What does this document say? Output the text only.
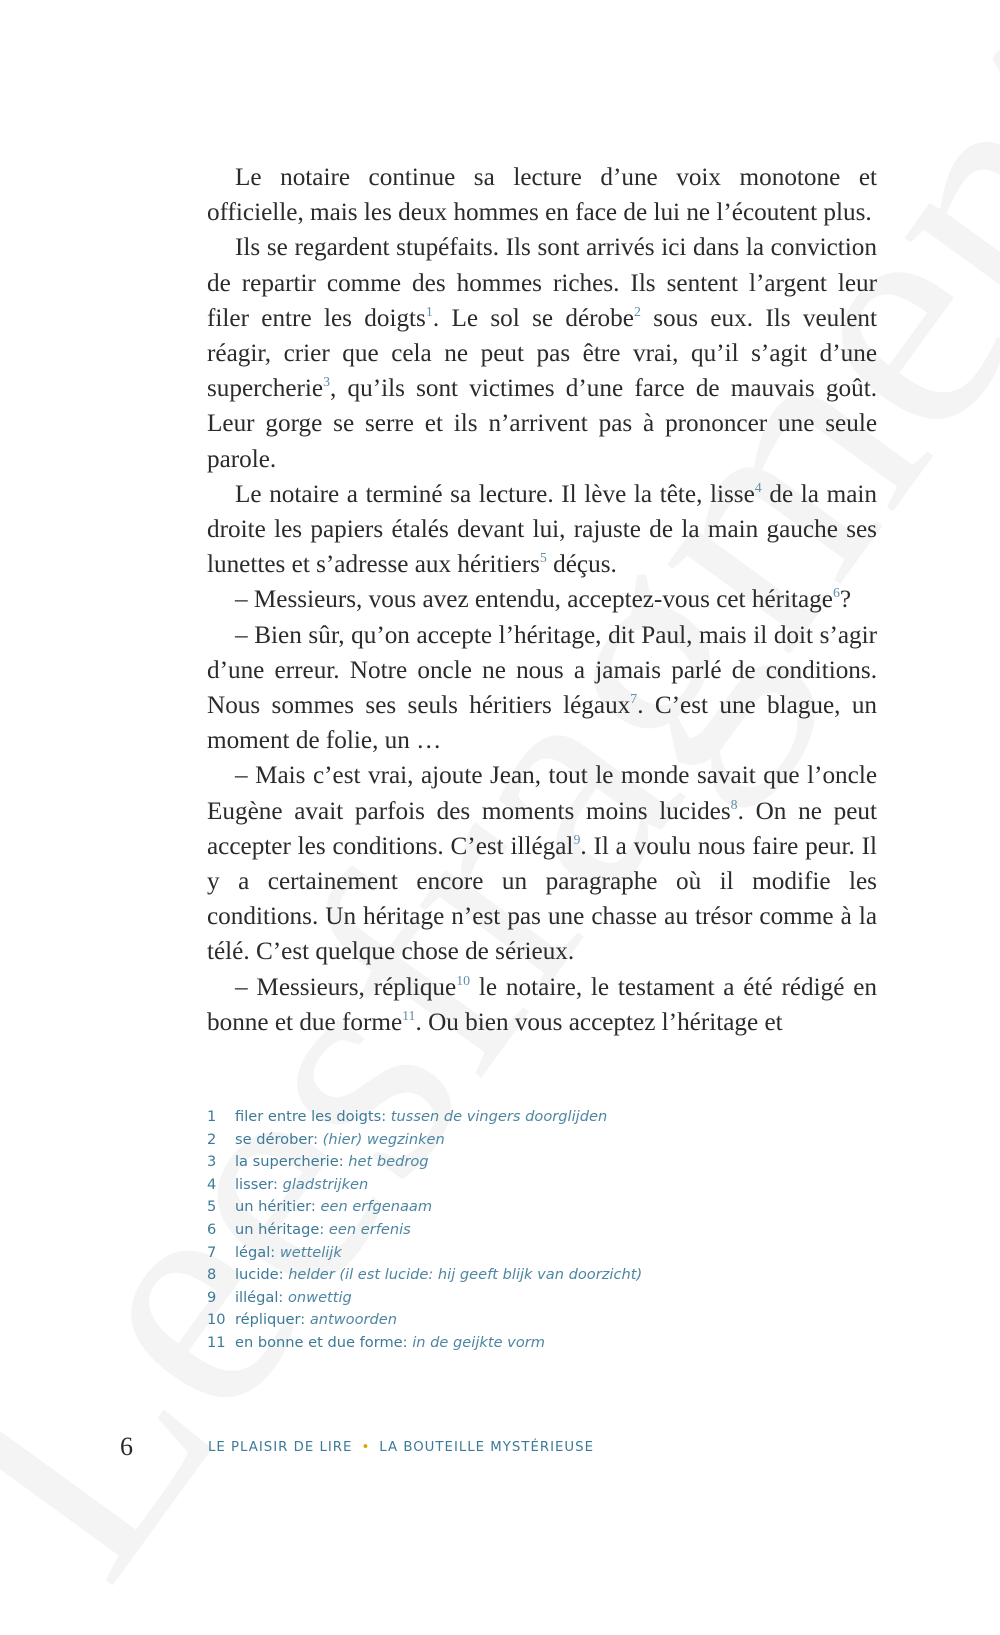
Le notaire continue sa lecture d’une voix monotone et officielle, mais les deux hommes en face de lui ne l’écoutent plus.

Ils se regardent stupéfaits. Ils sont arrivés ici dans la conviction de repartir comme des hommes riches. Ils sentent l’argent leur filer entre les doigts$^1$. Le sol se dérobe$^2$ sous eux. Ils veulent réagir, crier que cela ne peut pas être vrai, qu’il s’agit d’une supercherie$^3$, qu’ils sont victimes d’une farce de mauvais goût. Leur gorge se serre et ils n’arrivent pas à prononcer une seule parole.

Le notaire a terminé sa lecture. Il lève la tête, lisse$^4$ de la main droite les papiers étalés devant lui, rajuste de la main gauche ses lunettes et s’adresse aux héritiers$^5$ déçus.

– Messieurs, vous avez entendu, acceptez-vous cet héritage$^6$?

– Bien sûr, qu’on accepte l’héritage, dit Paul, mais il doit s’agir d’une erreur. Notre oncle ne nous a jamais parlé de conditions. Nous sommes ses seuls héritiers légaux$^7$. C’est une blague, un moment de folie, un …

– Mais c’est vrai, ajoute Jean, tout le monde savait que l’oncle Eugène avait parfois des moments moins lucides$^8$. On ne peut accepter les conditions. C’est illégal$^9$. Il a voulu nous faire peur. Il y a certainement encore un paragraphe où il modifie les conditions. Un héritage n’est pas une chasse au trésor comme à la télé. C’est quelque chose de sérieux.

– Messieurs, réplique$^{10}$ le notaire, le testament a été rédigé en bonne et due forme$^{11}$. Ou bien vous acceptez l’héritage et

1 filer entre les doigts: tussen de vingers doorglijden
2 se dérober: (hier) wegzinken
3 la supercherie: het bedrog
4 lisser: gladstrijken
5 un héritier: een erfgenaam
6 un héritage: een erfenis
7 légal: wettelijk
8 lucide: helder (il est lucide: hij geeft blijk van doorzicht)
9 illégal: onwettig
10 répliquer: antwoorden
11 en bonne et due forme: in de geijkte vorm
6	LE PLAISIR DE LIRE • LA BOUTEILLE MYSTÉRIEUSE
